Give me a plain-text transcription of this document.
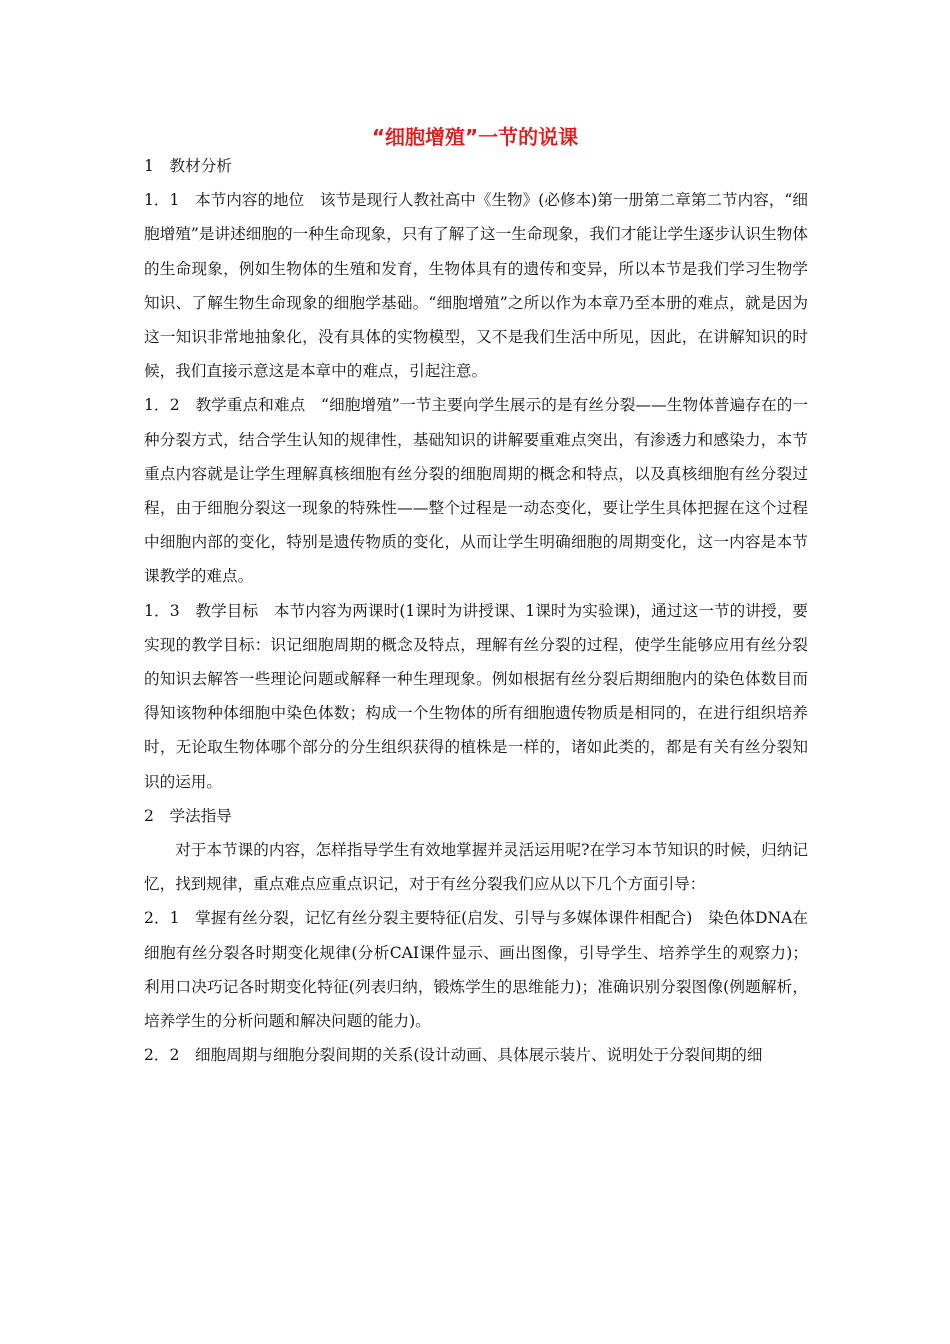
“细胞增殖”一节的说课

1　教材分析

1．1　本节内容的地位　该节是现行人教社高中《生物》(必修本)第一册第二章第二节内容，“细胞增殖”是讲述细胞的一种生命现象，只有了解了这一生命现象，我们才能让学生逐步认识生物体的生命现象，例如生物体的生殖和发育，生物体具有的遗传和变异，所以本节是我们学习生物学知识、了解生物生命现象的细胞学基础。“细胞增殖”之所以作为本章乃至本册的难点，就是因为这一知识非常地抽象化，没有具体的实物模型，又不是我们生活中所见，因此，在讲解知识的时候，我们直接示意这是本章中的难点，引起注意。

1．2　教学重点和难点　“细胞增殖”一节主要向学生展示的是有丝分裂——生物体普遍存在的一种分裂方式，结合学生认知的规律性，基础知识的讲解要重难点突出，有渗透力和感染力，本节重点内容就是让学生理解真核细胞有丝分裂的细胞周期的概念和特点，以及真核细胞有丝分裂过程，由于细胞分裂这一现象的特殊性——整个过程是一动态变化，要让学生具体把握在这个过程中细胞内部的变化，特别是遗传物质的变化，从而让学生明确细胞的周期变化，这一内容是本节课教学的难点。

1．3　教学目标　本节内容为两课时(1课时为讲授课、1课时为实验课)，通过这一节的讲授，要实现的教学目标：识记细胞周期的概念及特点，理解有丝分裂的过程，使学生能够应用有丝分裂的知识去解答一些理论问题或解释一种生理现象。例如根据有丝分裂后期细胞内的染色体数目而得知该物种体细胞中染色体数；构成一个生物体的所有细胞遗传物质是相同的，在进行组织培养时，无论取生物体哪个部分的分生组织获得的植株是一样的，诸如此类的，都是有关有丝分裂知识的运用。

2　学法指导

对于本节课的内容，怎样指导学生有效地掌握并灵活运用呢?在学习本节知识的时候，归纳记忆，找到规律，重点难点应重点识记，对于有丝分裂我们应从以下几个方面引导：

2．1　掌握有丝分裂，记忆有丝分裂主要特征(启发、引导与多媒体课件相配合)　染色体DNA在细胞有丝分裂各时期变化规律(分析CAI课件显示、画出图像，引导学生、培养学生的观察力)；利用口决巧记各时期变化特征(列表归纳，锻炼学生的思维能力)；准确识别分裂图像(例题解析，培养学生的分析问题和解决问题的能力)。

2．2　细胞周期与细胞分裂间期的关系(设计动画、具体展示装片、说明处于分裂间期的细
